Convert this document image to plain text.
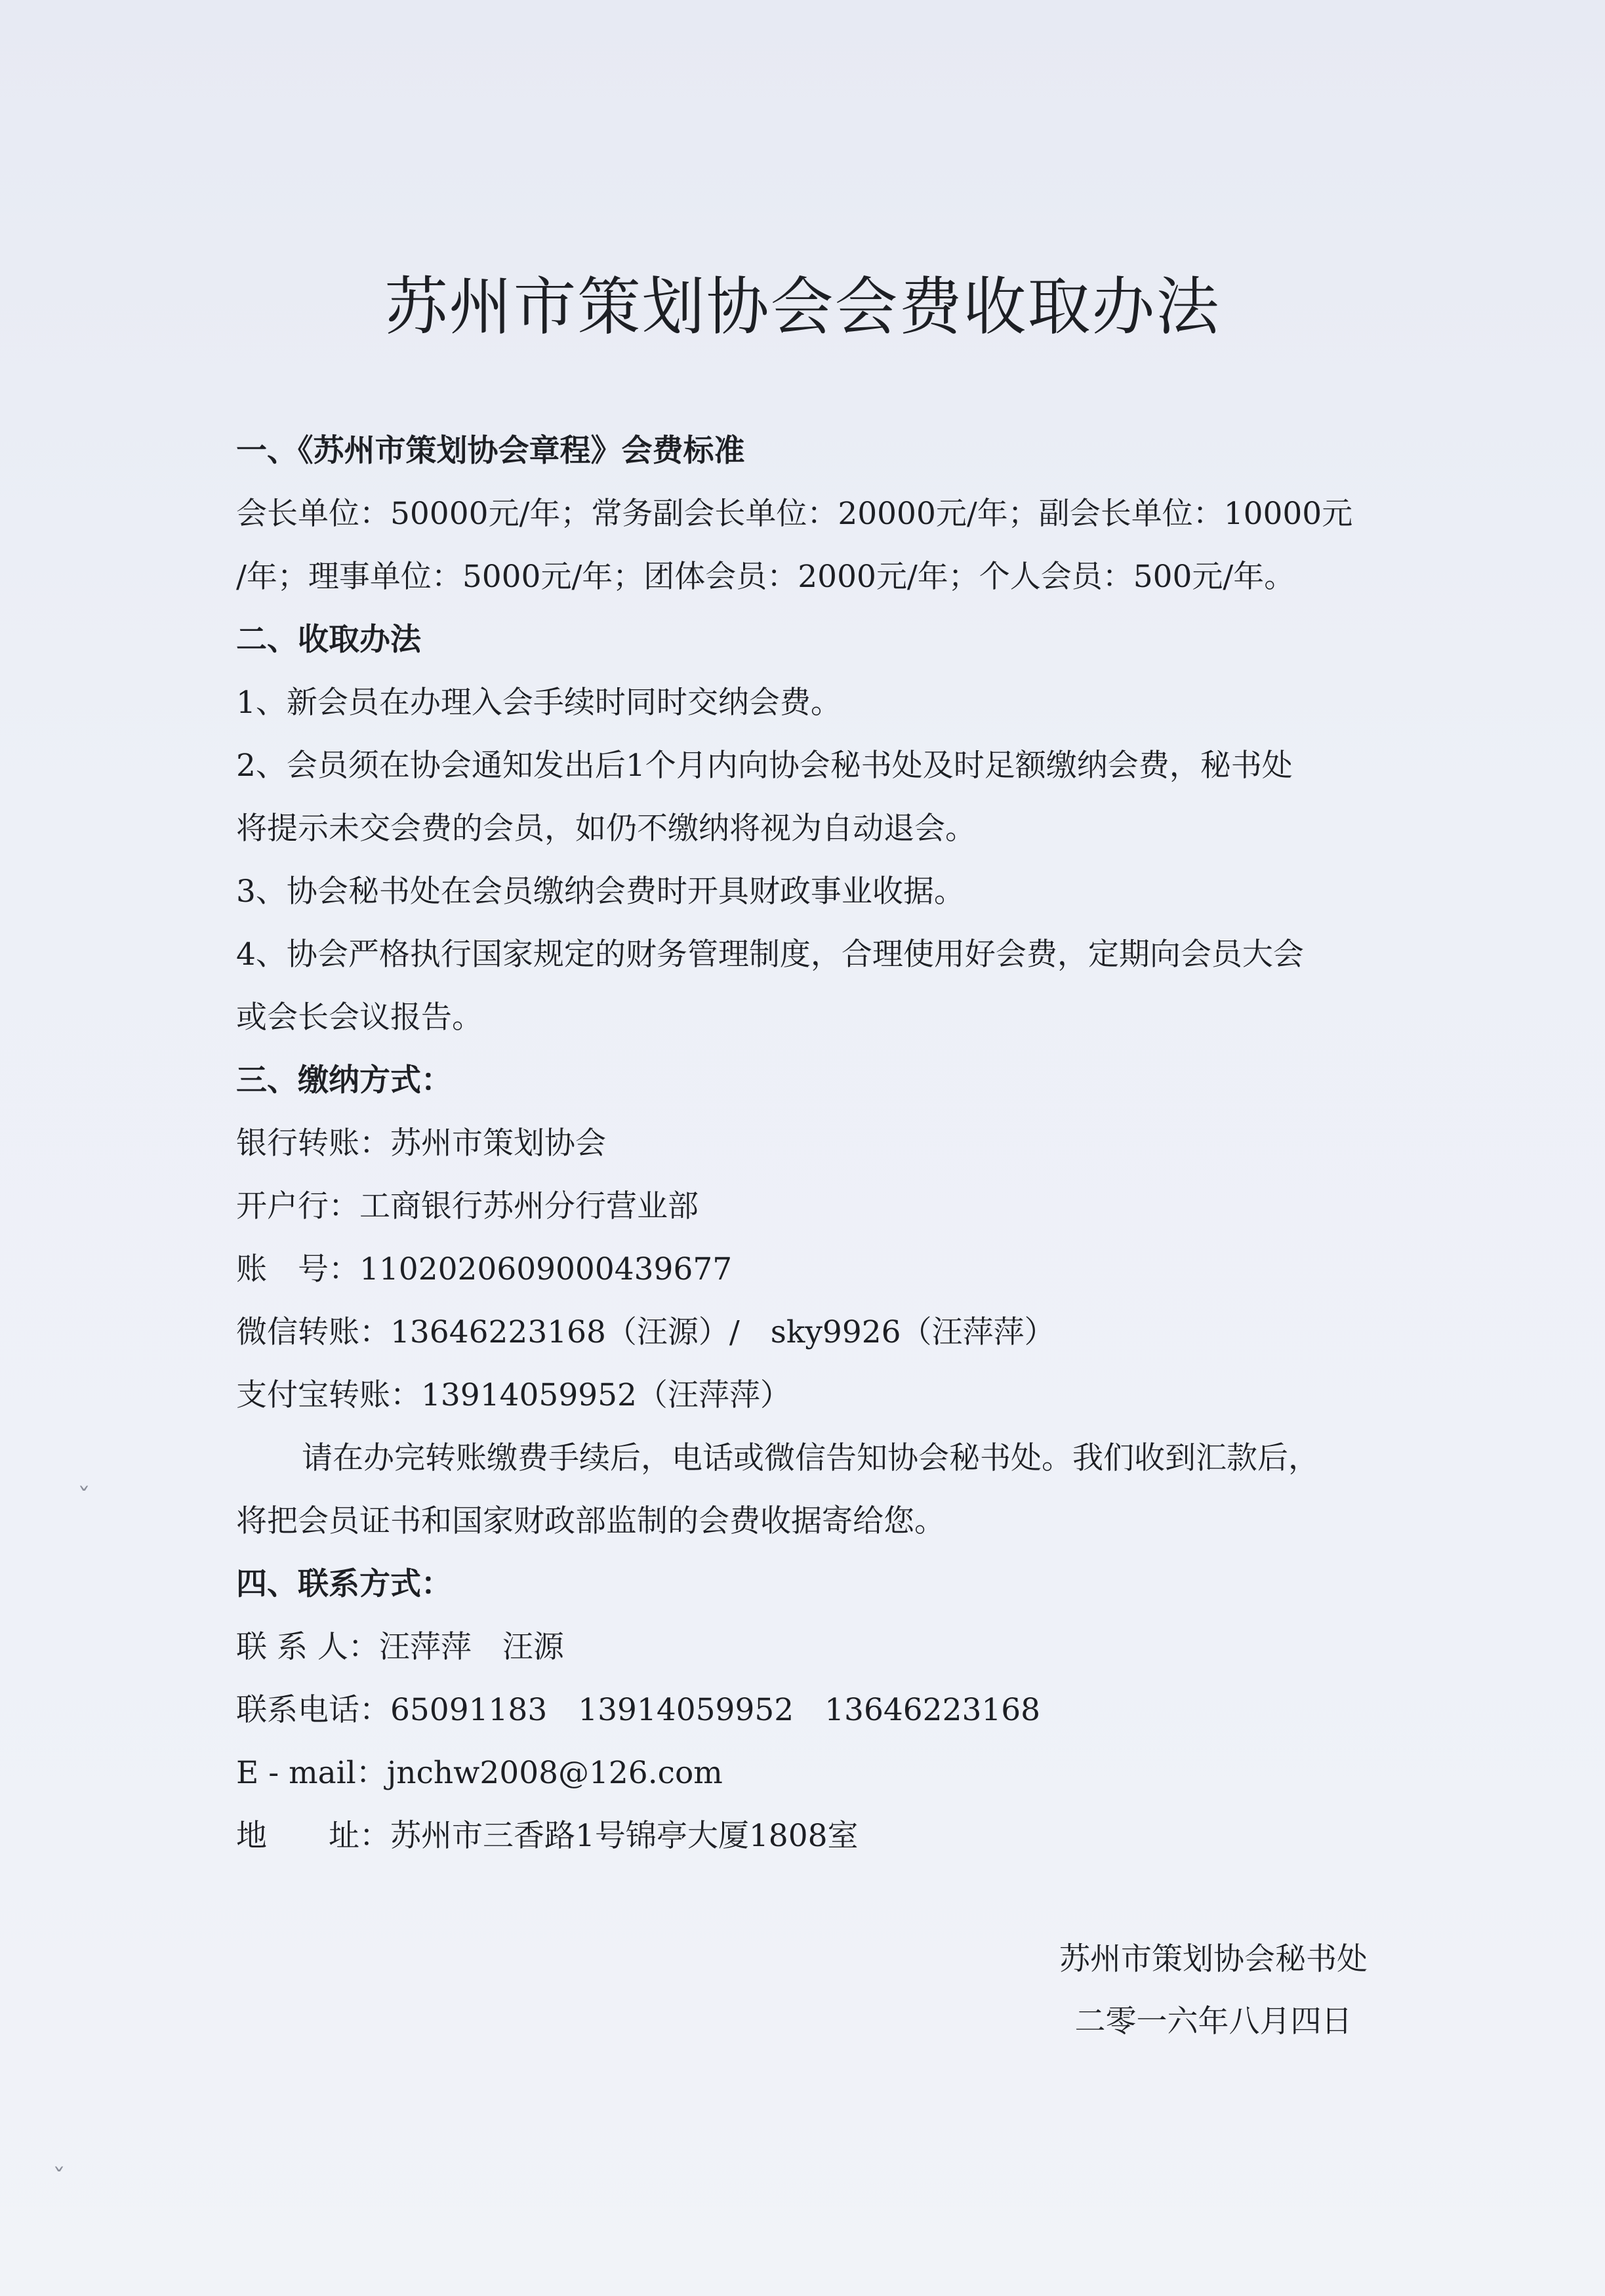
苏州市策划协会会费收取办法

一、《苏州市策划协会章程》会费标准

会长单位：50000元/年；常务副会长单位：20000元/年；副会长单位：10000元

/年；理事单位：5000元/年；团体会员：2000元/年；个人会员：500元/年。

二、收取办法

1、新会员在办理入会手续时同时交纳会费。

2、会员须在协会通知发出后1个月内向协会秘书处及时足额缴纳会费，秘书处

将提示未交会费的会员，如仍不缴纳将视为自动退会。

3、协会秘书处在会员缴纳会费时开具财政事业收据。

4、协会严格执行国家规定的财务管理制度，合理使用好会费，定期向会员大会

或会长会议报告。

三、缴纳方式：

银行转账：苏州市策划协会

开户行：工商银行苏州分行营业部

账　号：1102020609000439677

微信转账：13646223168（汪源）/　sky9926（汪萍萍）

支付宝转账：13914059952（汪萍萍）

请在办完转账缴费手续后，电话或微信告知协会秘书处。我们收到汇款后，

将把会员证书和国家财政部监制的会费收据寄给您。

四、联系方式：

联 系 人：汪萍萍　汪源

联系电话：65091183　13914059952　13646223168

E - mail：jnchw2008@126.com

地　　址：苏州市三香路1号锦亭大厦1808室

苏州市策划协会秘书处
二零一六年八月四日
ˇ
ˇ
